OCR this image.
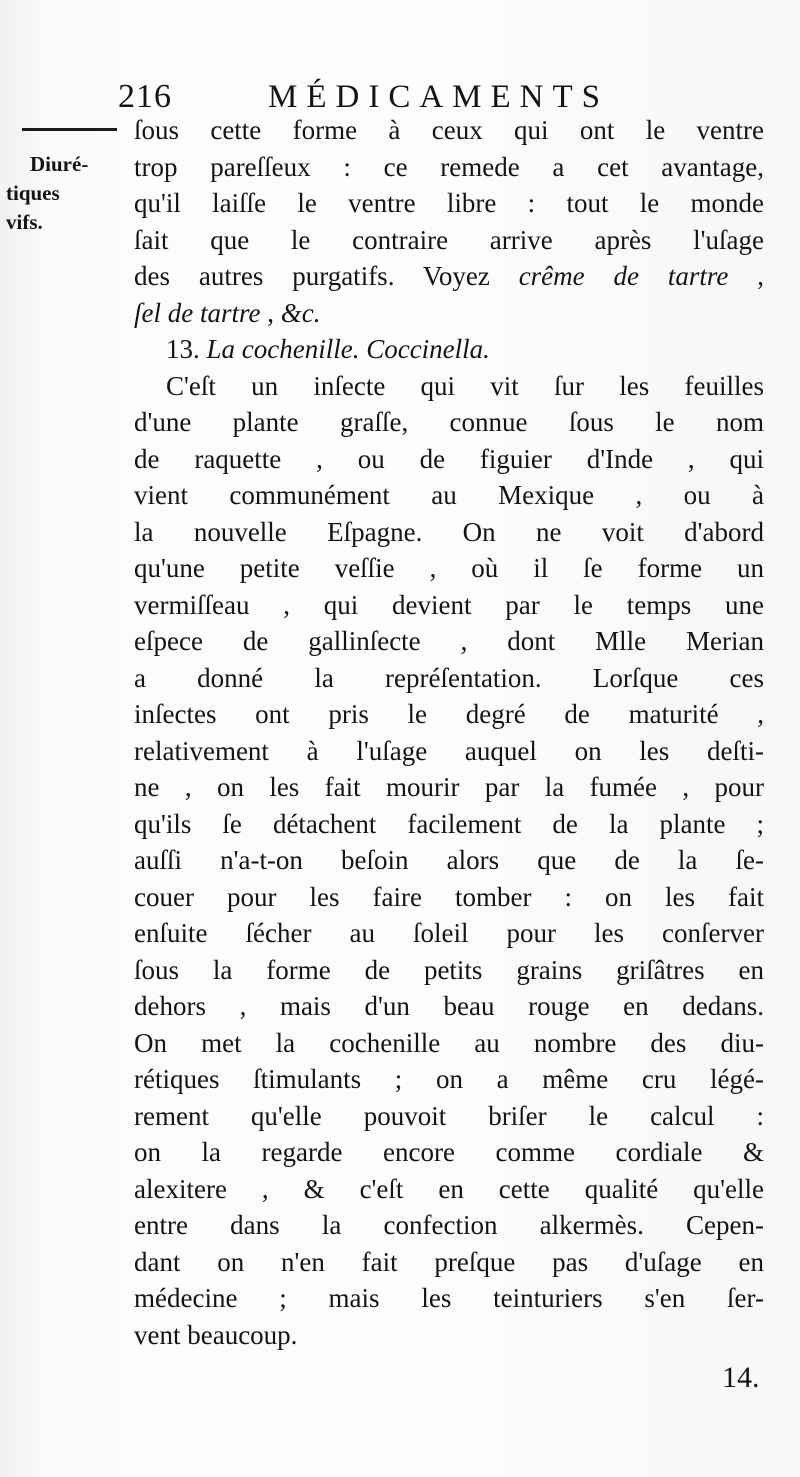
216	MÉDICAMENTS
Diuré-
tiques
vifs.
ſous cette forme à ceux qui ont le ventre
trop pareſſeux : ce remede a cet avantage,
qu'il laiſſe le ventre libre : tout le monde
ſait que le contraire arrive après l'uſage
des autres purgatifs. Voyez crême de tartre ,
ſel de tartre , &c.
13. La cochenille. Coccinella.
C'eſt un inſecte qui vit ſur les feuilles
d'une plante graſſe, connue ſous le nom
de raquette , ou de figuier d'Inde , qui
vient communément au Mexique , ou à
la nouvelle Eſpagne. On ne voit d'abord
qu'une petite veſſie , où il ſe forme un
vermiſſeau , qui devient par le temps une
eſpece de gallinſecte , dont Mlle Merian
a donné la repréſentation. Lorſque ces
inſectes ont pris le degré de maturité ,
relativement à l'uſage auquel on les deſti-
ne , on les fait mourir par la fumée , pour
qu'ils ſe détachent facilement de la plante ;
auſſi n'a-t-on beſoin alors que de la ſe-
couer pour les faire tomber : on les fait
enſuite ſécher au ſoleil pour les conſerver
ſous la forme de petits grains griſâtres en
dehors , mais d'un beau rouge en dedans.
On met la cochenille au nombre des diu-
rétiques ſtimulants ; on a même cru légé-
rement qu'elle pouvoit briſer le calcul :
on la regarde encore comme cordiale &
alexitere , & c'eſt en cette qualité qu'elle
entre dans la confection alkermès. Cepen-
dant on n'en fait preſque pas d'uſage en
médecine ; mais les teinturiers s'en ſer-
vent beaucoup.
14.
